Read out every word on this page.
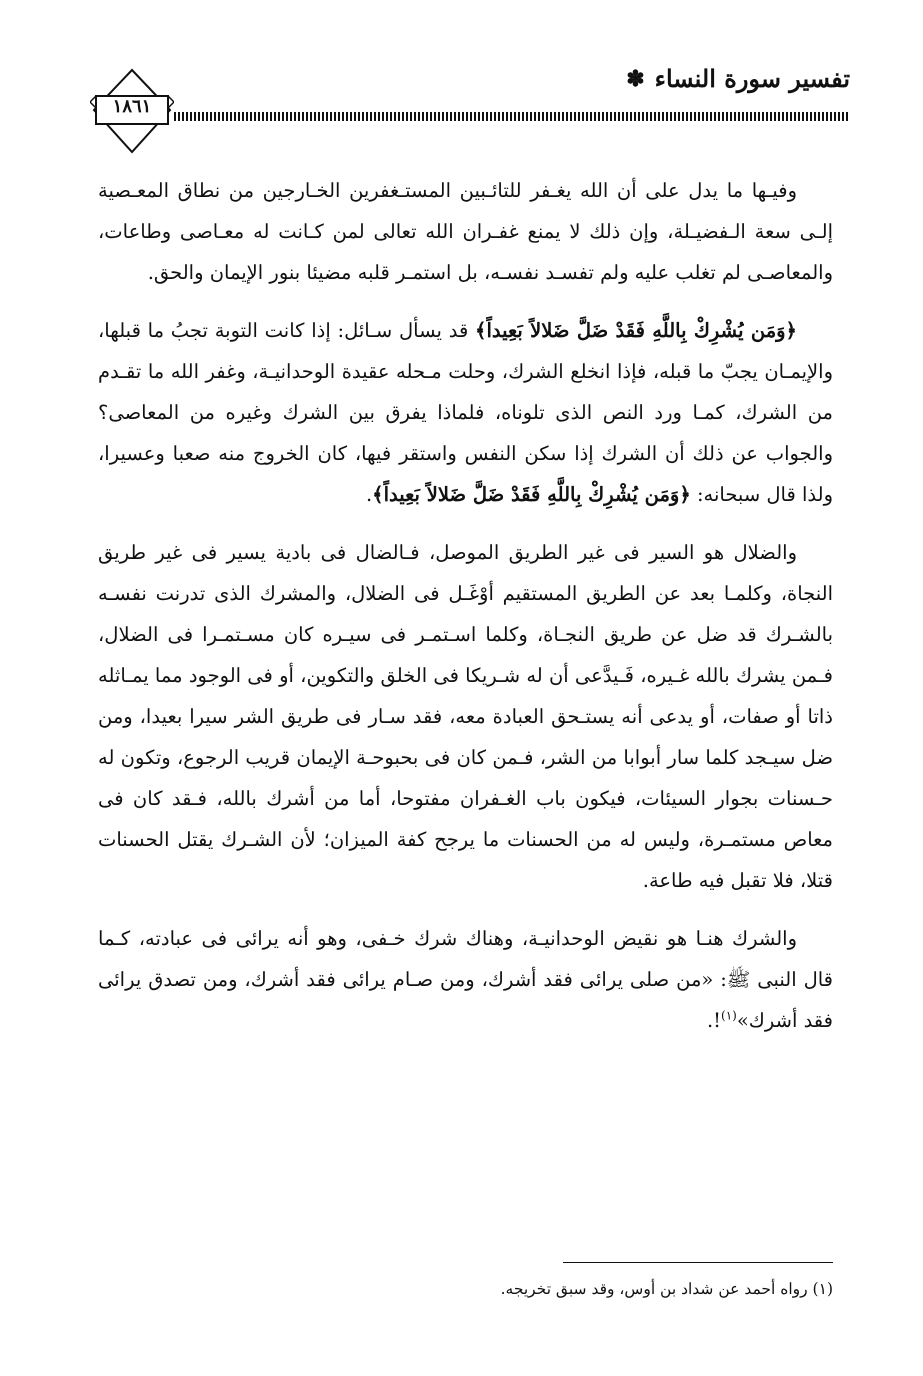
تفسير سورة النساء
✽
١٨٦١

وفيـها ما يدل على أن الله يغـفر للتائـبين المستـغفرين الخـارجين من نطاق المعـصية إلـى سعة الـفضيـلة، وإن ذلك لا يمنع غفـران الله تعالى لمن كـانت له معـاصى وطاعات، والمعاصـى لم تغلب عليه ولم تفسـد نفسـه، بل استمـر قلبه مضيئا بنور الإيمان والحق.

﴿وَمَن يُشْرِكْ بِاللَّهِ فَقَدْ ضَلَّ ضَلالاً بَعِيداً﴾ قد يسأل سـائل: إذا كانت التوبة تجبُ ما قبلها، والإيمـان يجبّ ما قبله، فإذا انخلع الشرك، وحلت مـحله عقيدة الوحدانيـة، وغفر الله ما تقـدم من الشرك، كمـا ورد النص الذى تلوناه، فلماذا يفرق بين الشرك وغيره من المعاصى؟ والجواب عن ذلك أن الشرك إذا سكن النفس واستقر فيها، كان الخروج منه صعبا وعسيرا، ولذا قال سبحانه: ﴿وَمَن يُشْرِكْ بِاللَّهِ فَقَدْ ضَلَّ ضَلالاً بَعِيداً﴾.

والضلال هو السير فى غير الطريق الموصل، فـالضال فى بادية يسير فى غير طريق النجاة، وكلمـا بعد عن الطريق المستقيم أوْغَـل فى الضلال، والمشرك الذى تدرنت نفسـه بالشـرك قد ضل عن طريق النجـاة، وكلما اسـتمـر فى سيـره كان مسـتمـرا فى الضلال، فـمن يشرك بالله غـيره، فَـيدَّعى أن له شـريكا فى الخلق والتكوين، أو فى الوجود مما يمـاثله ذاتا أو صفات، أو يدعى أنه يستـحق العبادة معه، فقد سـار فى طريق الشر سيرا بعيدا، ومن ضل سيـجد كلما سار أبوابا من الشر، فـمن كان فى بحبوحـة الإيمان قريب الرجوع، وتكون له حـسنات بجوار السيئات، فيكون باب الغـفران مفتوحا، أما من أشرك بالله، فـقد كان فى معاص مستمـرة، وليس له من الحسنات ما يرجح كفة الميزان؛ لأن الشـرك يقتل الحسنات قتلا، فلا تقبل فيه طاعة.

والشرك هنـا هو نقيض الوحدانيـة، وهناك شرك خـفى، وهو أنه يرائى فى عبادته، كـما قال النبى ﷺ: «من صلى يرائى فقد أشرك، ومن صـام يرائى فقد أشرك، ومن تصدق يرائى فقد أشرك»$^{(١)}$!.

(١) رواه أحمد عن شداد بن أوس، وقد سبق تخريجه.
